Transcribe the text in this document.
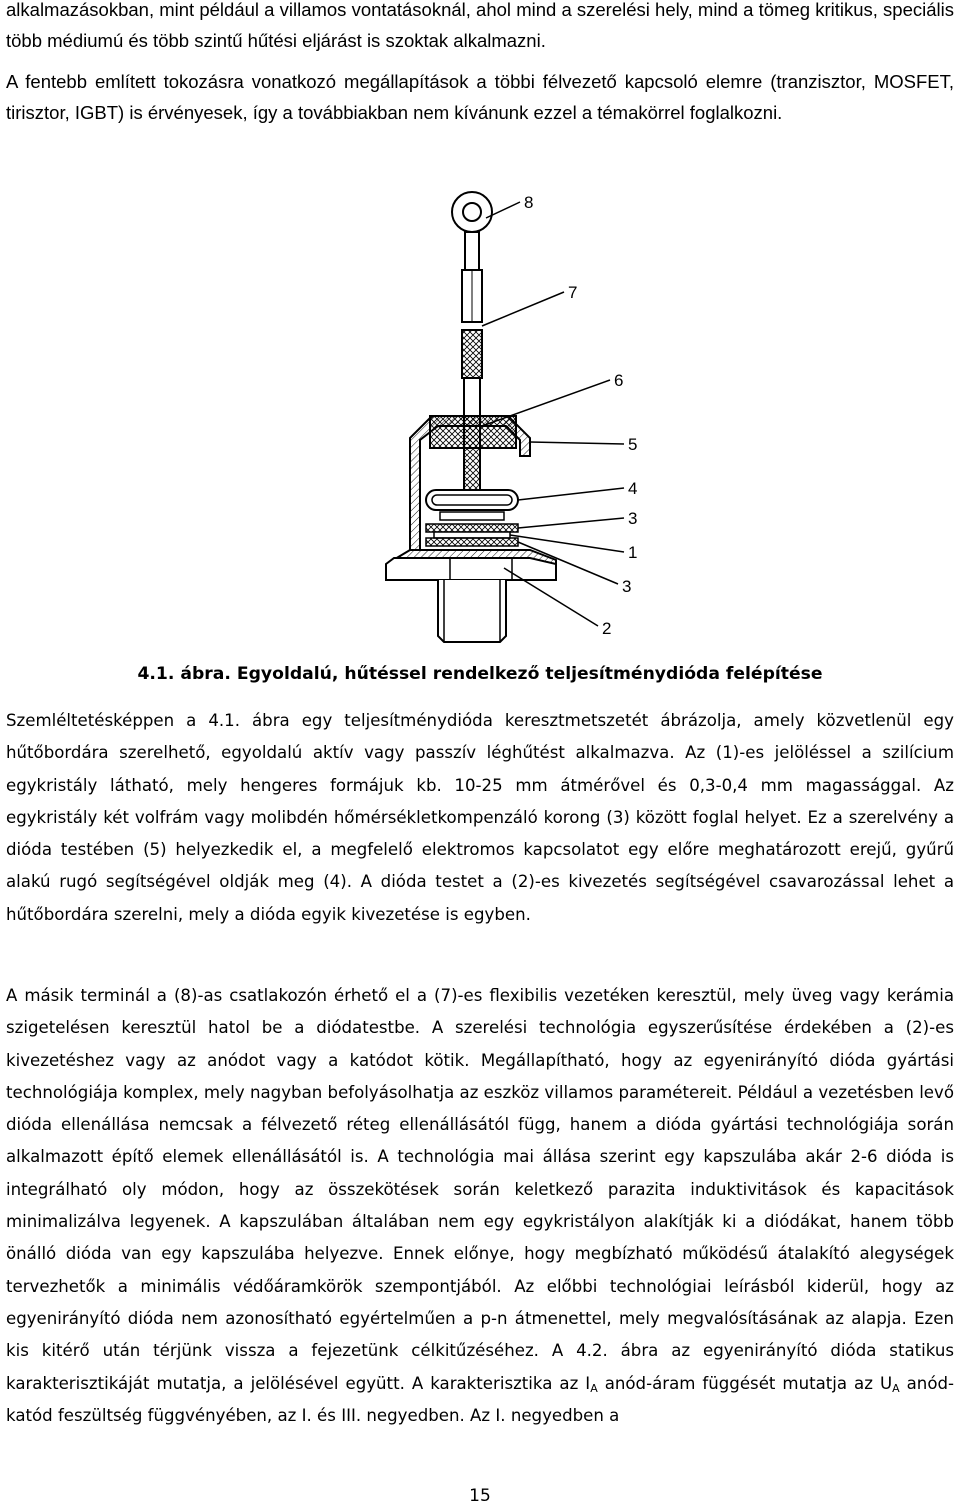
alkalmazásokban, mint például a villamos vontatásoknál, ahol mind a szerelési hely, mind a tömeg kritikus, speciális több médiumú és több szintű hűtési eljárást is szoktak alkalmazni.

A fentebb említett tokozásra vonatkozó megállapítások a többi félvezető kapcsoló elemre (tranzisztor, MOSFET, tirisztor, IGBT) is érvényesek, így a továbbiakban nem kívánunk ezzel a témakörrel foglalkozni.

8
7
6
5
4
3
1
3
2
4.1. ábra. Egyoldalú, hűtéssel rendelkező teljesítménydióda felépítése

Szemléltetésképpen a 4.1. ábra egy teljesítménydióda keresztmetszetét ábrázolja, amely közvetlenül egy hűtőbordára szerelhető, egyoldalú aktív vagy passzív léghűtést alkalmazva. Az (1)-es jelöléssel a szilícium egykristály látható, mely hengeres formájuk kb. 10-25 mm átmérővel és 0,3-0,4 mm magassággal. Az egykristály két volfrám vagy molibdén hőmérsékletkompenzáló korong (3) között foglal helyet. Ez a szerelvény a dióda testében (5) helyezkedik el, a megfelelő elektromos kapcsolatot egy előre meghatározott erejű, gyűrű alakú rugó segítségével oldják meg (4). A dióda testet a (2)-es kivezetés segítségével csavarozással lehet a hűtőbordára szerelni, mely a dióda egyik kivezetése is egyben.

A másik terminál a (8)-as csatlakozón érhető el a (7)-es flexibilis vezetéken keresztül, mely üveg vagy kerámia szigetelésen keresztül hatol be a diódatestbe. A szerelési technológia egyszerűsítése érdekében a (2)-es kivezetéshez vagy az anódot vagy a katódot kötik. Megállapítható, hogy az egyenirányító dióda gyártási technológiája komplex, mely nagyban befolyásolhatja az eszköz villamos paramétereit. Például a vezetésben levő dióda ellenállása nemcsak a félvezető réteg ellenállásától függ, hanem a dióda gyártási technológiája során alkalmazott építő elemek ellenállásától is. A technológia mai állása szerint egy kapszulába akár 2-6 dióda is integrálható oly módon, hogy az összekötések során keletkező parazita induktivitások és kapacitások minimalizálva legyenek. A kapszulában általában nem egy egykristályon alakítják ki a diódákat, hanem több önálló dióda van egy kapszulába helyezve. Ennek előnye, hogy megbízható működésű átalakító alegységek tervezhetők a minimális védőáramkörök szempontjából. Az előbbi technológiai leírásból kiderül, hogy az egyenirányító dióda nem azonosítható egyértelműen a p-n átmenettel, mely megvalósításának az alapja. Ezen kis kitérő után térjünk vissza a fejezetünk célkitűzéséhez. A 4.2. ábra az egyenirányító dióda statikus karakterisztikáját mutatja, a jelölésével együtt. A karakterisztika az $I_A$ anód-áram függését mutatja az $U_A$ anód-katód feszültség függvényében, az I. és III. negyedben. Az I. negyedben a

15
